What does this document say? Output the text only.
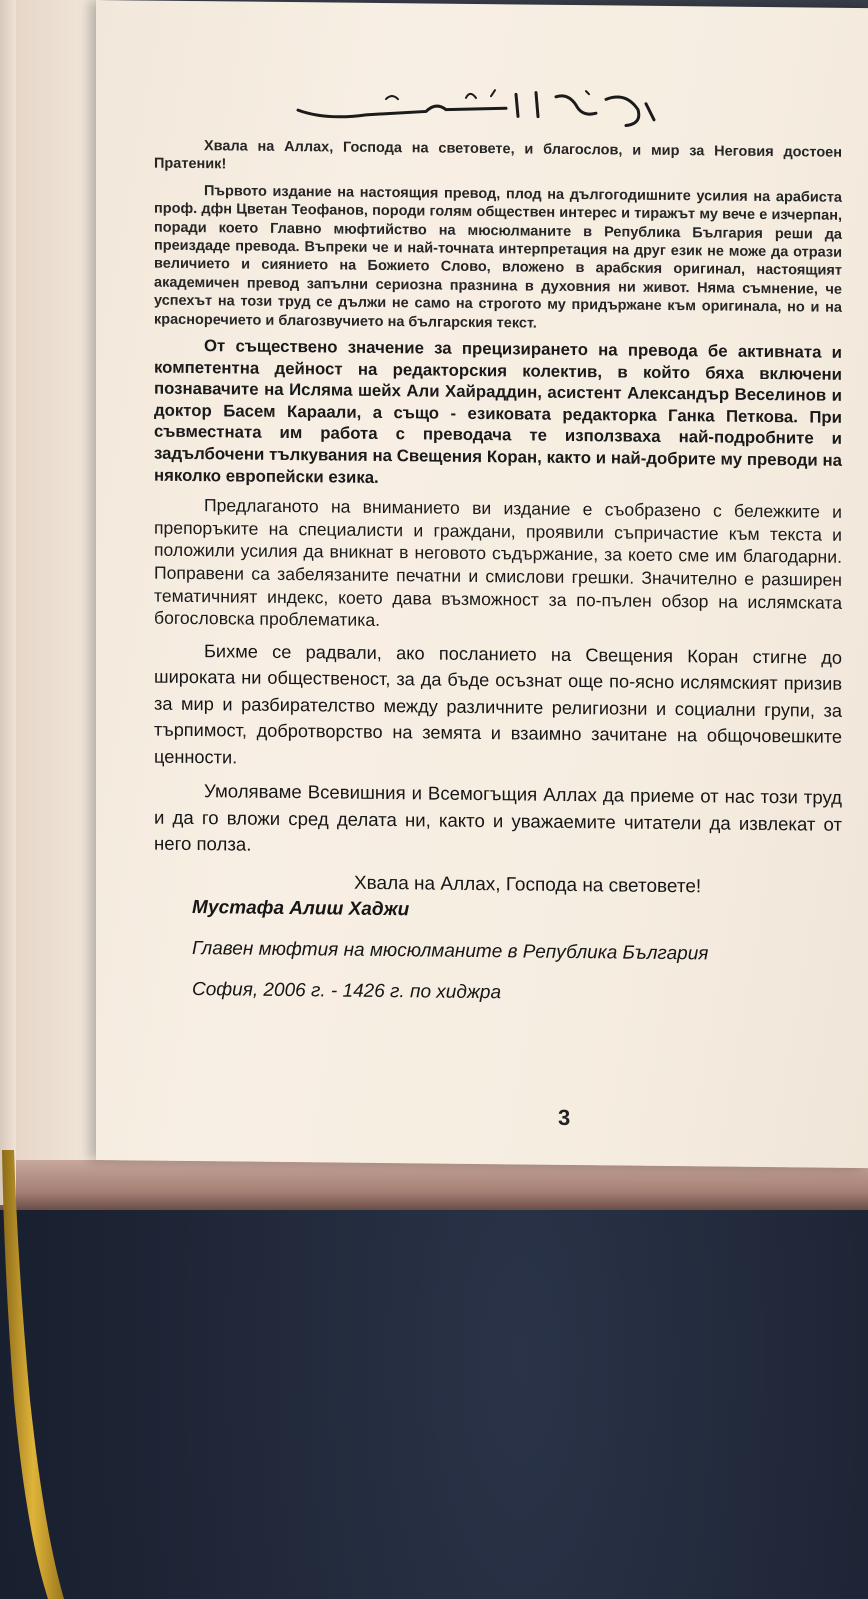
Хвала на Аллах, Господа на световете, и благослов, и мир за Неговия достоен Пратеник!

Първото издание на настоящия превод, плод на дългогодишните усилия на арабиста проф. дфн Цветан Теофанов, породи голям обществен интерес и тиражът му вече е изчерпан, поради което Главно мюфтийство на мюсюлманите в Република България реши да преиздаде превода. Въпреки че и най-точната интерпретация на друг език не може да отрази величието и сиянието на Божието Слово, вложено в арабския оригинал, настоящият академичен превод запълни сериозна празнина в духовния ни живот. Няма съмнение, че успехът на този труд се дължи не само на строгото му придържане към оригинала, но и на красноречието и благозвучието на българския текст.

От съществено значение за прецизирането на превода бе активната и компетентна дейност на редакторския колектив, в който бяха включени познавачите на Исляма шейх Али Хайраддин, асистент Александър Веселинов и доктор Басем Караали, а също - езиковата редакторка Ганка Петкова. При съвместната им работа с преводача те използваха най-подробните и задълбочени тълкувания на Свещения Коран, както и най-добрите му преводи на няколко европейски езика.

Предлаганото на вниманието ви издание е съобразено с бележките и препоръките на специалисти и граждани, проявили съпричастие към текста и положили усилия да вникнат в неговото съдържание, за което сме им благодарни. Поправени са забелязаните печатни и смислови грешки. Значително е разширен тематичният индекс, което дава възможност за по-пълен обзор на ислямската богословска проблематика.

Бихме се радвали, ако посланието на Свещения Коран стигне до широката ни общественост, за да бъде осъзнат още по-ясно ислямският призив за мир и разбирателство между различните религиозни и социални групи, за търпимост, добротворство на земята и взаимно зачитане на общочовешките ценности.

Умоляваме Всевишния и Всемогъщия Аллах да приеме от нас този труд и да го вложи сред делата ни, както и уважаемите читатели да извлекат от него полза.

Хвала на Аллах, Господа на световете!
Мустафа Алиш Хаджи
Главен мюфтия на мюсюлманите в Република България
София, 2006 г. - 1426 г. по хиджра
3
